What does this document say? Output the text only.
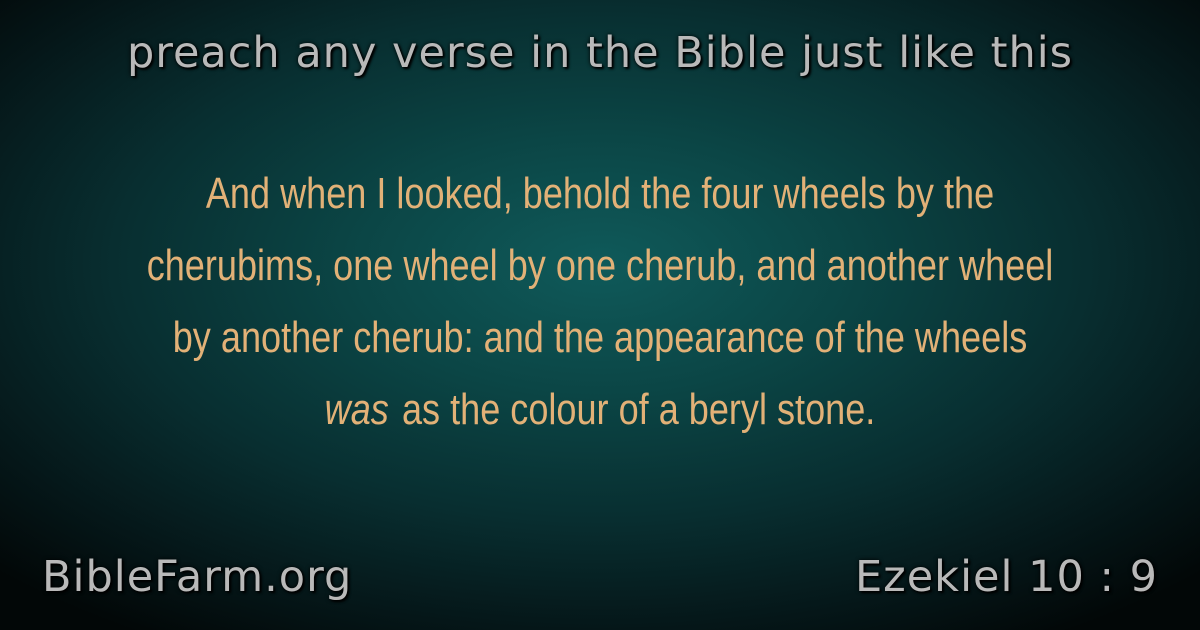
preach any verse in the Bible just like this
And when I looked, behold the four wheels by the cherubims, one wheel by one cherub, and another wheel by another cherub: and the appearance of the wheels was as the colour of a beryl stone.
BibleFarm.org	Ezekiel 10 : 9
